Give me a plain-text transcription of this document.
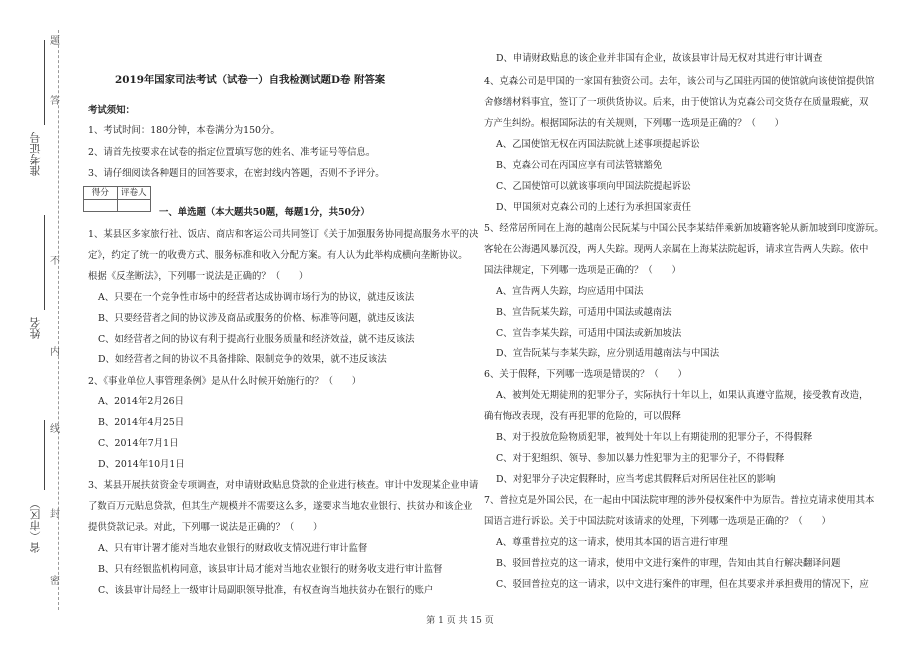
题
答
不
内
线
封
密
准考证号
姓名
省（市区）
2019年国家司法考试（试卷一）自我检测试题D卷 附答案
考试须知：
1、考试时间：180分钟，本卷满分为150分。
2、请首先按要求在试卷的指定位置填写您的姓名、准考证号等信息。
3、请仔细阅读各种题目的回答要求，在密封线内答题，否则不予评分。
一、单选题（本大题共50题，每题1分，共50分）
1、某县区多家旅行社、饭店、商店和客运公司共同签订《关于加强服务协同提高服务水平的决
定》，约定了统一的收费方式、服务标准和收入分配方案。有人认为此举构成横向垄断协议。
根据《反垄断法》，下列哪一说法是正确的？（　　）
A、只要在一个竞争性市场中的经营者达成协调市场行为的协议，就违反该法
B、只要经营者之间的协议涉及商品或服务的价格、标准等问题，就违反该法
C、如经营者之间的协议有利于提高行业服务质量和经济效益，就不违反该法
D、如经营者之间的协议不具备排除、限制竞争的效果，就不违反该法
2、《事业单位人事管理条例》是从什么时候开始施行的？（　　）
A、2014年2月26日
B、2014年4月25日
C、2014年7月1日
D、2014年10月1日
3、某县开展扶贫资金专项调查，对申请财政贴息贷款的企业进行核查。审计中发现某企业申请
了数百万元贴息贷款，但其生产规模并不需要这么多，遂要求当地农业银行、扶贫办和该企业
提供贷款记录。对此，下列哪一说法是正确的？（　　）
A、只有审计署才能对当地农业银行的财政收支情况进行审计监督
B、只有经银监机构同意，该县审计局才能对当地农业银行的财务收支进行审计监督
C、该县审计局经上一级审计局副职领导批准，有权查询当地扶贫办在银行的账户
得分	评卷人
D、申请财政贴息的该企业并非国有企业，故该县审计局无权对其进行审计调查
4、克森公司是甲国的一家国有独资公司。去年，该公司与乙国驻丙国的使馆就向该使馆提供馆
舍修缮材料事宜，签订了一项供货协议。后来，由于使馆认为克森公司交货存在质量瑕疵，双
方产生纠纷。根据国际法的有关规则，下列哪一选项是正确的？（　　）
A、乙国使馆无权在丙国法院就上述事项提起诉讼
B、克森公司在丙国应享有司法管辖豁免
C、乙国使馆可以就该事项向甲国法院提起诉讼
D、甲国须对克森公司的上述行为承担国家责任
5、经常居所同在上海的越南公民阮某与中国公民李某结伴乘新加坡籍客轮从新加坡到印度游玩。
客轮在公海遇风暴沉没，两人失踪。现两人亲属在上海某法院起诉，请求宣告两人失踪。依中
国法律规定，下列哪一选项是正确的？（　　）
A、宣告两人失踪，均应适用中国法
B、宣告阮某失踪，可适用中国法或越南法
C、宣告李某失踪，可适用中国法或新加坡法
D、宣告阮某与李某失踪，应分别适用越南法与中国法
6、关于假释，下列哪一选项是错误的？（　　）
A、被判处无期徒刑的犯罪分子，实际执行十年以上，如果认真遵守监规，接受教育改造，
确有悔改表现，没有再犯罪的危险的，可以假释
B、对于投放危险物质犯罪，被判处十年以上有期徒刑的犯罪分子，不得假释
C、对于犯组织、领导、参加以暴力性犯罪为主的犯罪分子，不得假释
D、对犯罪分子决定假释时，应当考虑其假释后对所居住社区的影响
7、普拉克是外国公民，在一起由中国法院审理的涉外侵权案件中为原告。普拉克请求使用其本
国语言进行诉讼。关于中国法院对该请求的处理，下列哪一选项是正确的？（　　）
A、尊重普拉克的这一请求，使用其本国的语言进行审理
B、驳回普拉克的这一请求，使用中文进行案件的审理，告知由其自行解决翻译问题
C、驳回普拉克的这一请求，以中文进行案件的审理，但在其要求并承担费用的情况下，应
第 1 页 共 15 页
